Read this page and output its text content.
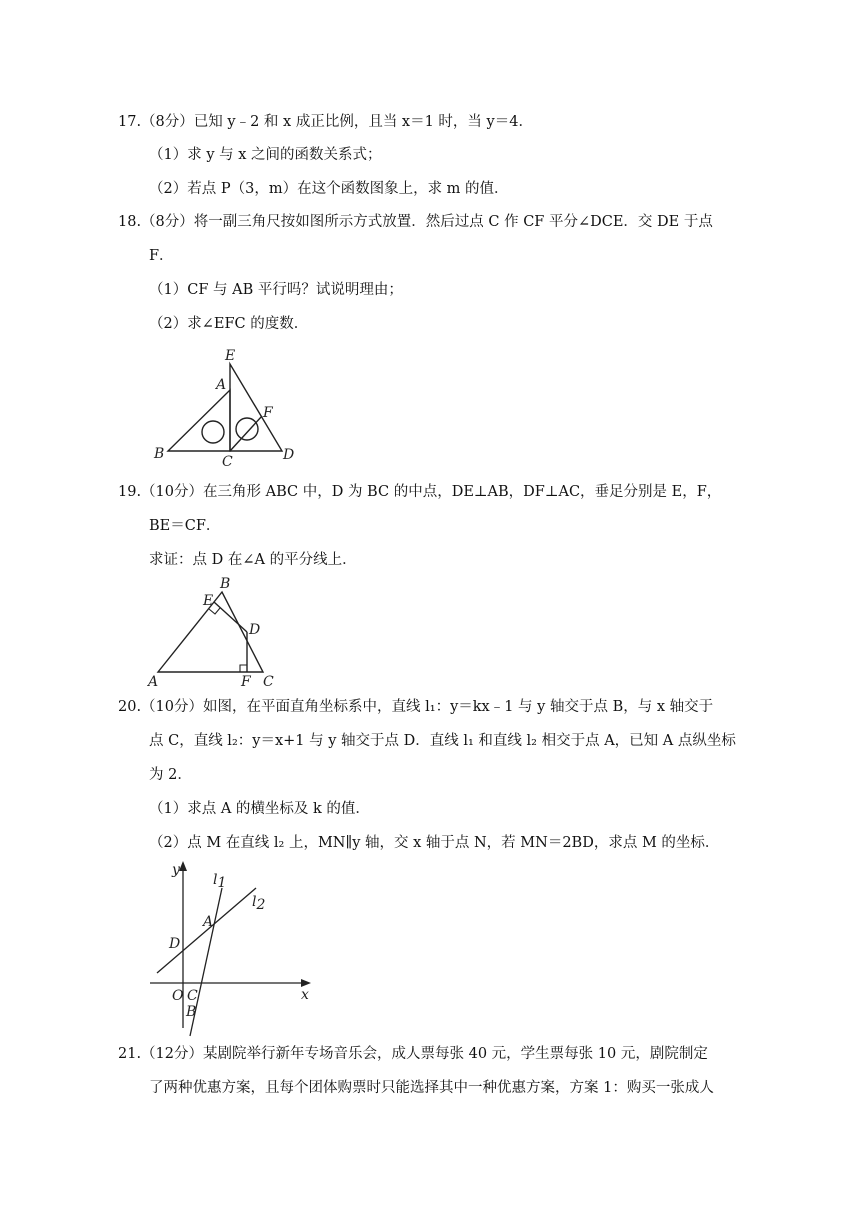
17.（8分）已知 y﹣2 和 x 成正比例，且当 x＝1 时，当 y＝4．
（1）求 y 与 x 之间的函数关系式；
（2）若点 P（3，m）在这个函数图象上，求 m 的值．
18.（8分）将一副三角尺按如图所示方式放置．然后过点 C 作 CF 平分∠DCE．交 DE 于点
F．
（1）CF 与 AB 平行吗？试说明理由；
（2）求∠EFC 的度数．
E
A
F
B	C	D
19.（10分）在三角形 ABC 中，D 为 BC 的中点，DE⊥AB，DF⊥AC，垂足分别是 E，F，
BE＝CF．
求证：点 D 在∠A 的平分线上．
B
E
D
A	F C
20.（10分）如图，在平面直角坐标系中，直线 l₁：y＝kx﹣1 与 y 轴交于点 B，与 x 轴交于
点 C，直线 l₂：y＝x+1 与 y 轴交于点 D．直线 l₁ 和直线 l₂ 相交于点 A，已知 A 点纵坐标
为 2．
（1）求点 A 的横坐标及 k 的值．
（2）点 M 在直线 l₂ 上，MN∥y 轴，交 x 轴于点 N，若 MN＝2BD，求点 M 的坐标．
y
x
l1
l2
A
D
O C
B
21.（12分）某剧院举行新年专场音乐会，成人票每张 40 元，学生票每张 10 元，剧院制定
了两种优惠方案，且每个团体购票时只能选择其中一种优惠方案，方案 1：购买一张成人
